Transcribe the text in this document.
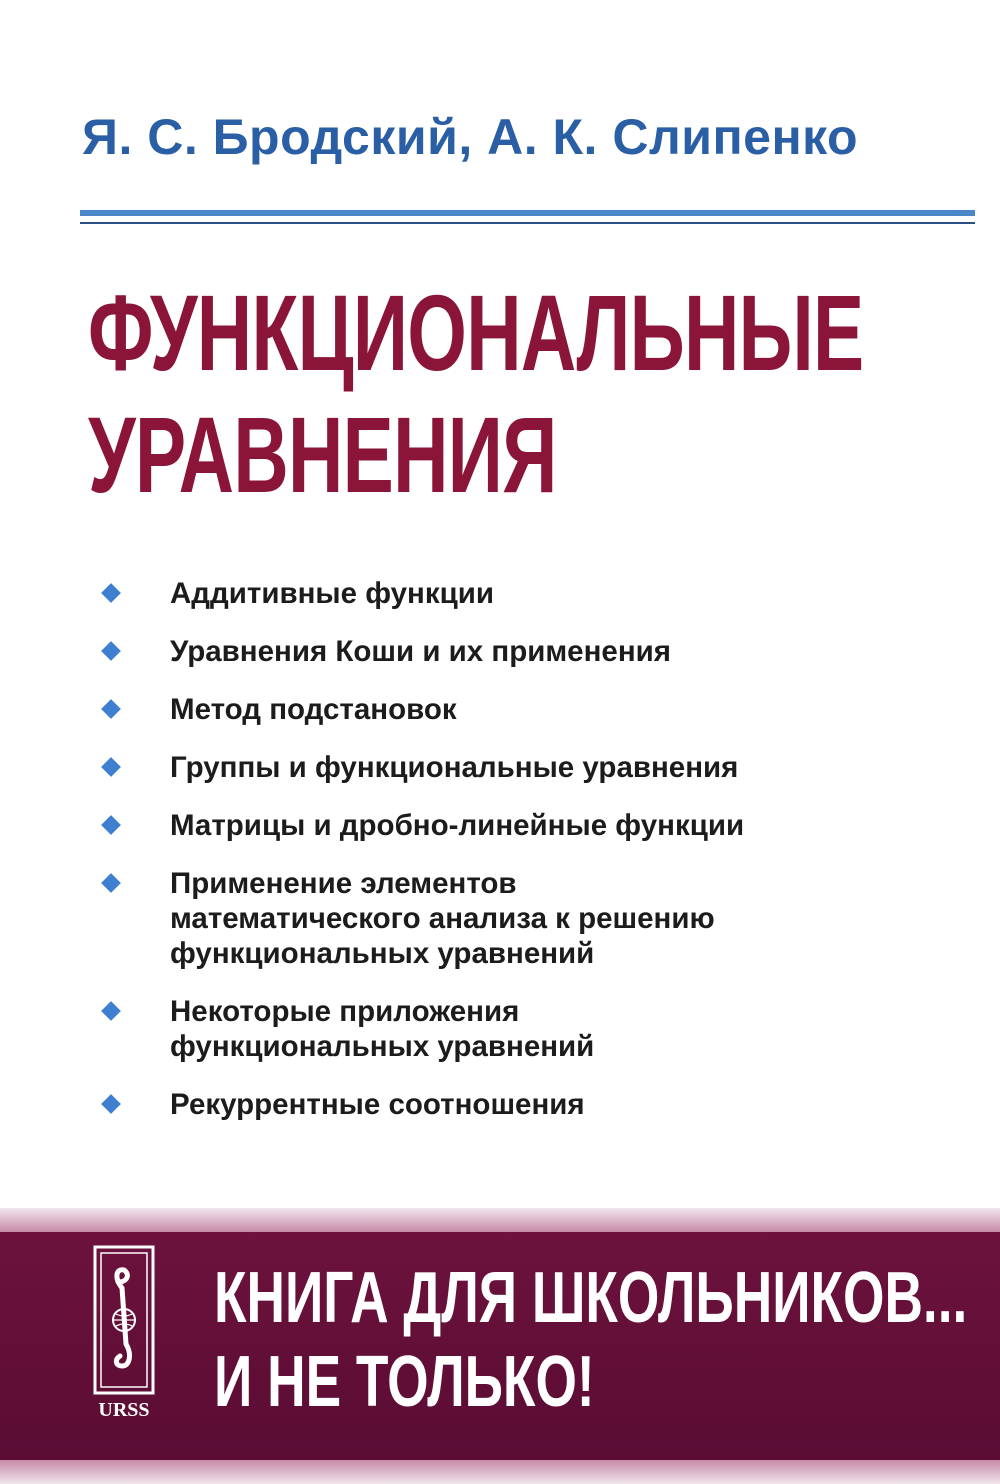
Я. С. Бродский, А. К. Слипенко
ФУНКЦИОНАЛЬНЫЕ
УРАВНЕНИЯ
Аддитивные функции
Уравнения Коши и их применения
Метод подстановок
Группы и функциональные уравнения
Матрицы и дробно-линейные функции
Применение элементов
математического анализа к решению
функциональных уравнений
Некоторые приложения
функциональных уравнений
Рекуррентные соотношения
URSS
КНИГА ДЛЯ ШКОЛЬНИКОВ...
И НЕ ТОЛЬКО!
